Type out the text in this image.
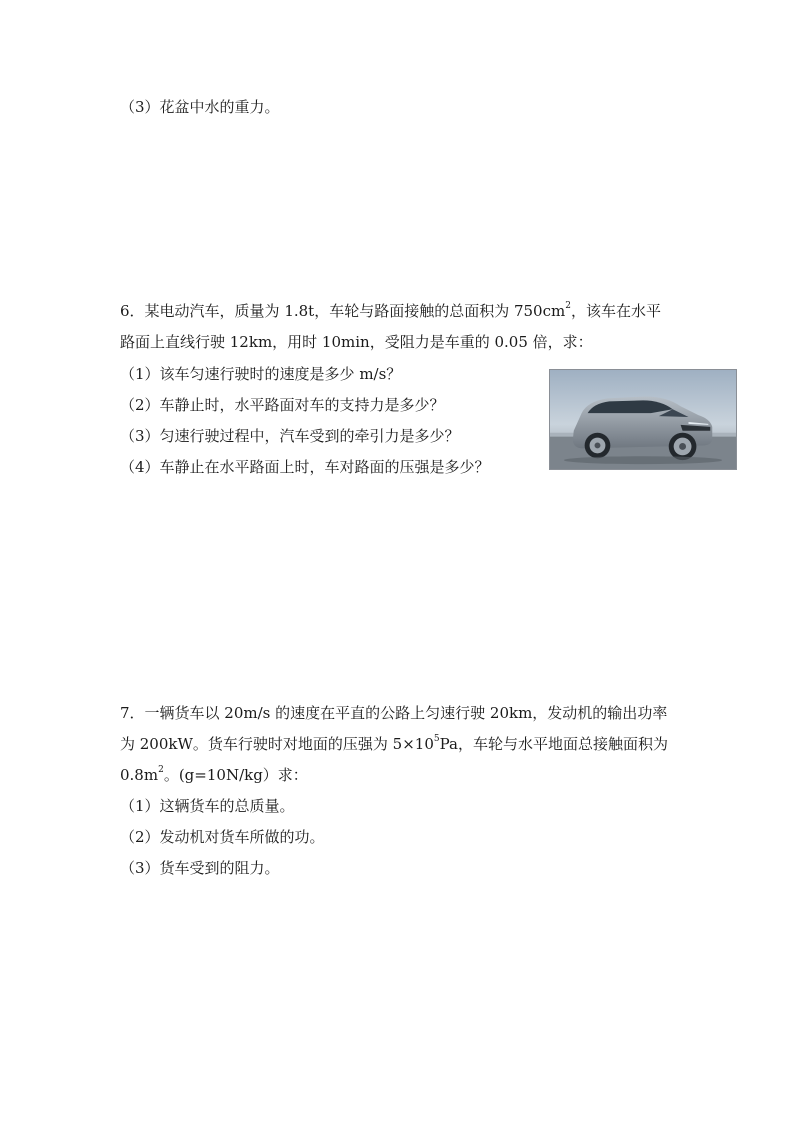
（3）花盆中水的重力。
6．某电动汽车，质量为 1.8t，车轮与路面接触的总面积为 $750cm^2$，该车在水平
路面上直线行驶 12km，用时 10min，受阻力是车重的 0.05 倍，求：
（1）该车匀速行驶时的速度是多少 m/s？
（2）车静止时，水平路面对车的支持力是多少？
（3）匀速行驶过程中，汽车受到的牵引力是多少？
（4）车静止在水平路面上时，车对路面的压强是多少？
7．一辆货车以 20m/s 的速度在平直的公路上匀速行驶 20km，发动机的输出功率
为 200kW。货车行驶时对地面的压强为 $5\times 10^5Pa$，车轮与水平地面总接触面积为
$0.8m^2$。(g=10N/kg）求：
（1）这辆货车的总质量。
（2）发动机对货车所做的功。
（3）货车受到的阻力。
